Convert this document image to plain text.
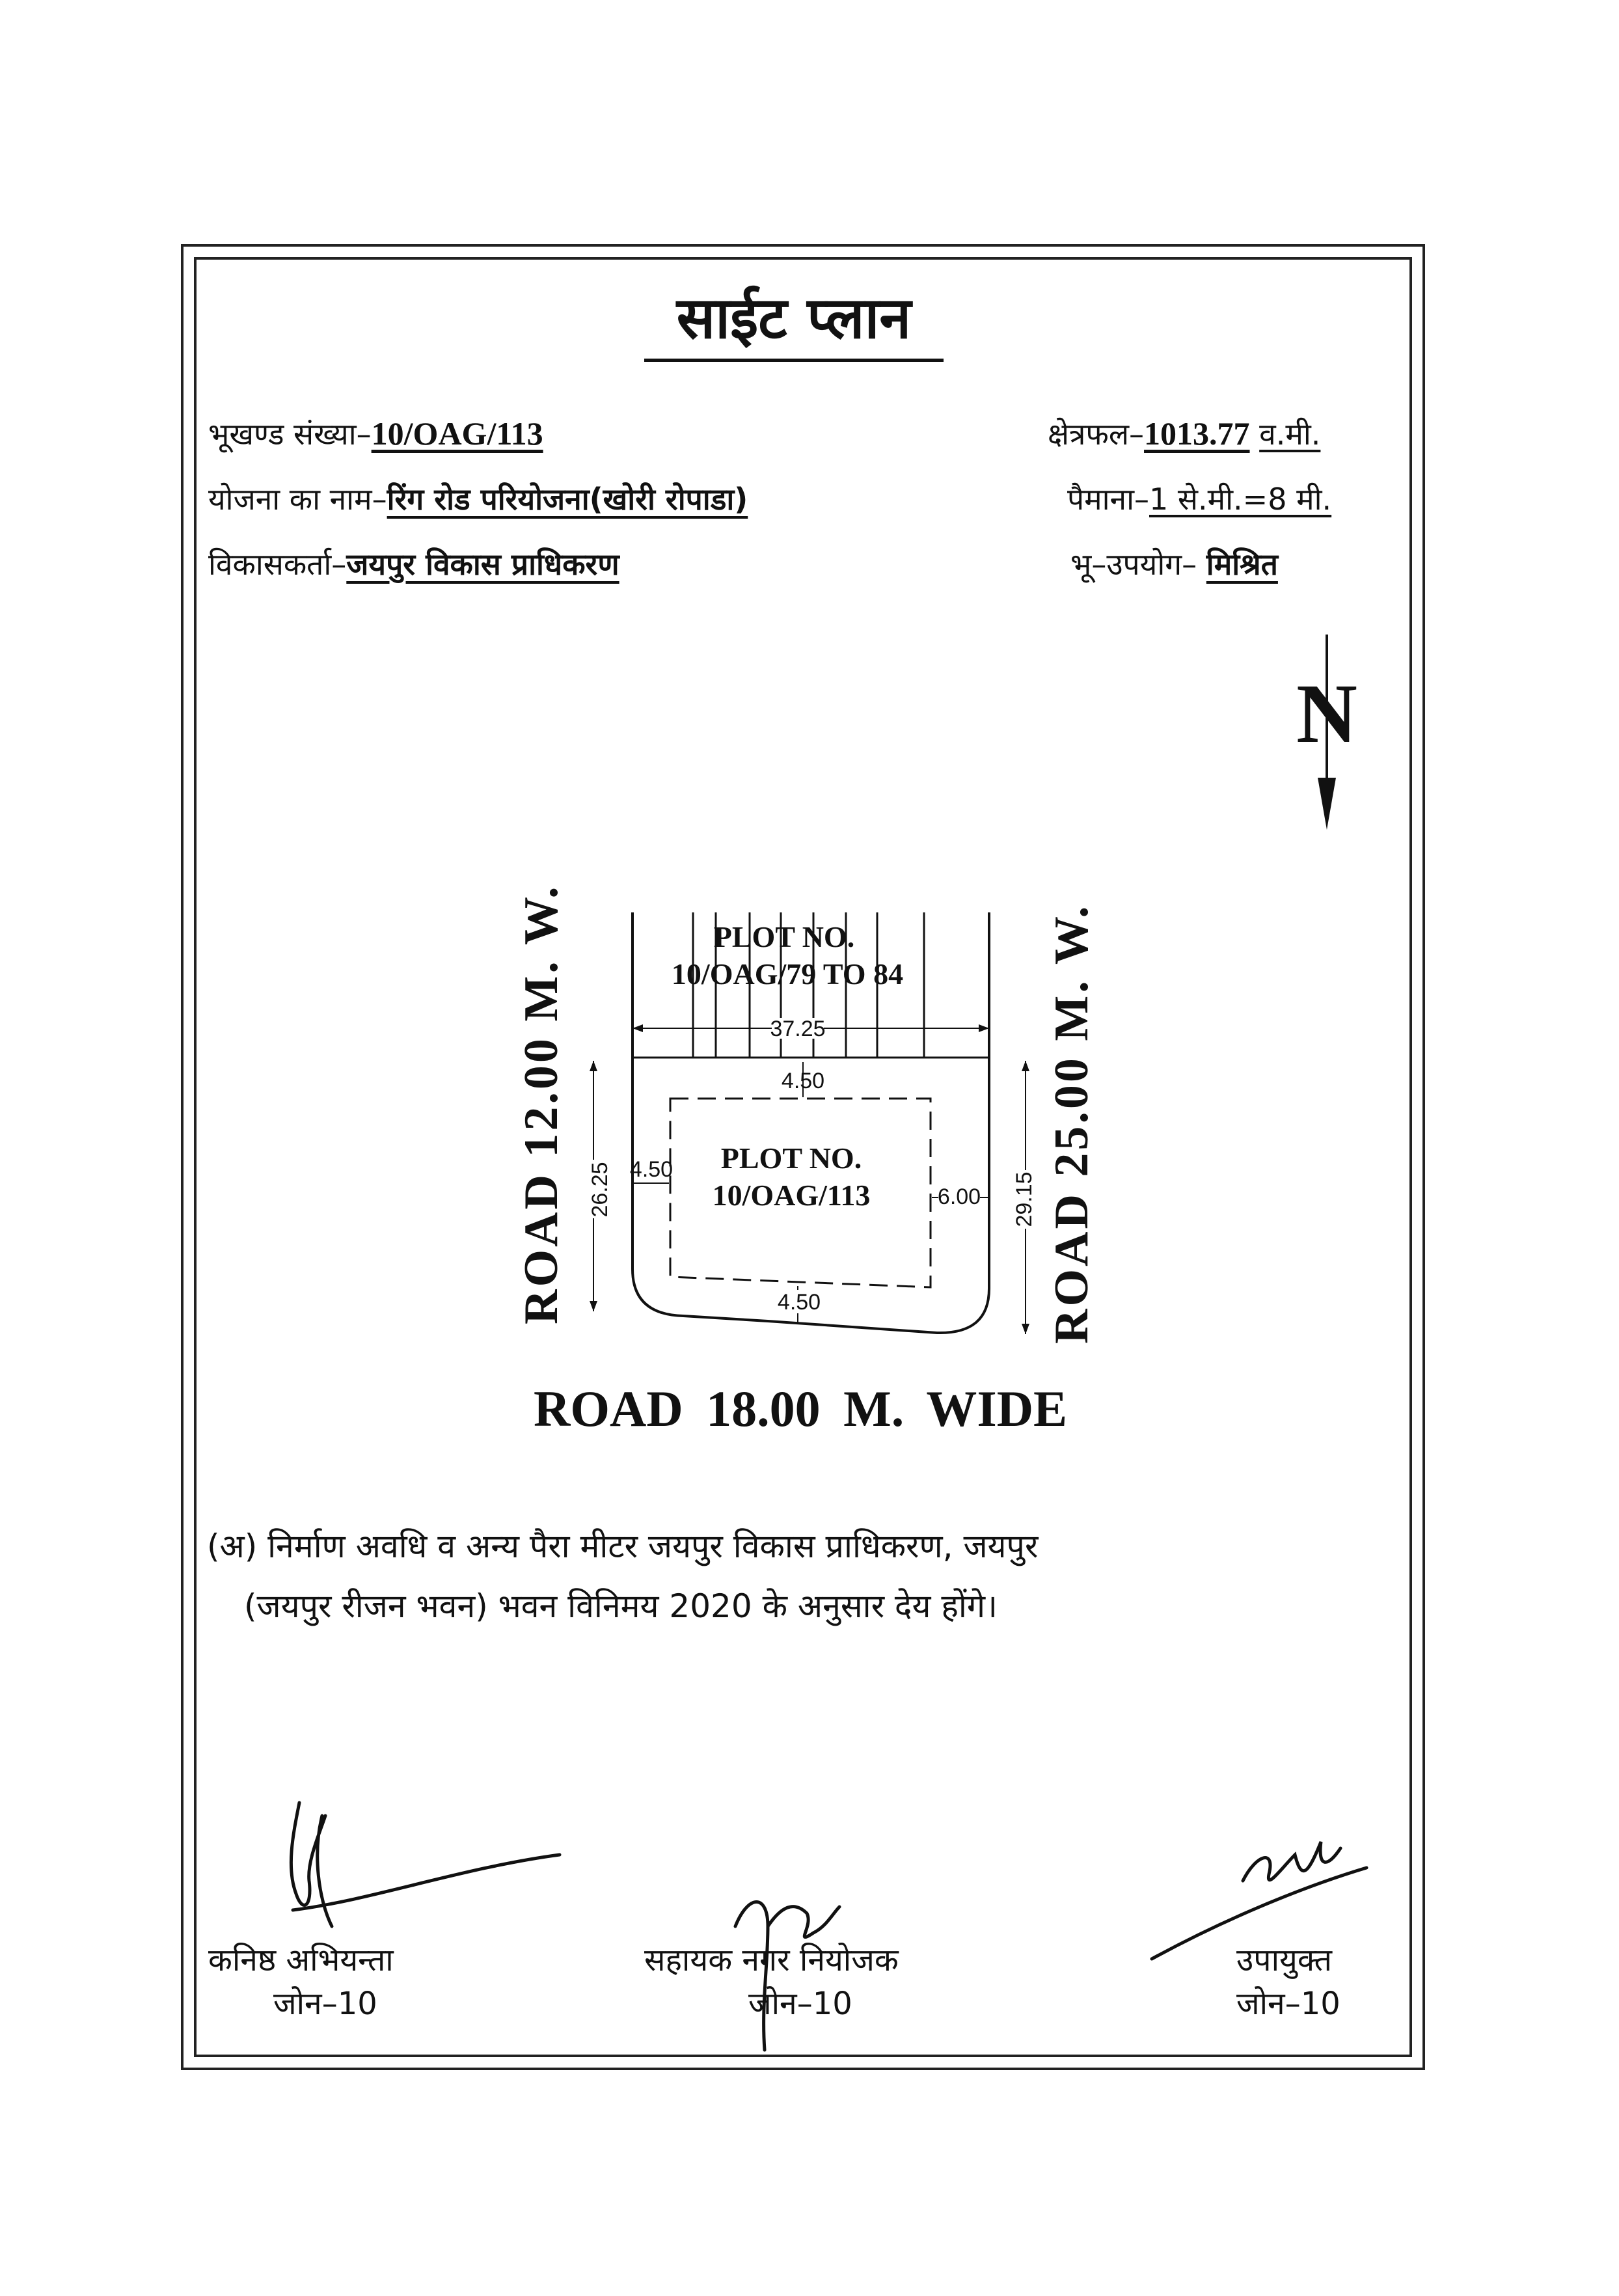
साईट प्लान
भूखण्ड संख्या–10/OAG/113
योजना का नाम–रिंग रोड परियोजना(खोरी रोपाडा)
विकासकर्ता–जयपुर विकास प्राधिकरण
क्षेत्रफल–1013.77 व.मी.
पैमाना–1 से.मी.=8 मी.
भू–उपयोग– मिश्रित
N
ROAD 12.00 M. W.	ROAD 25.00 M. W.
PLOT NO.
10/OAG/79 TO 84
37.25
4.50
4.50
6.00
4.50
PLOT NO.
10/OAG/113
26.25	29.15
ROAD 18.00 M. WIDE
(अ) निर्माण अवधि व अन्य पैरा मीटर जयपुर विकास प्राधिकरण, जयपुर
(जयपुर रीजन भवन) भवन विनिमय 2020 के अनुसार देय होंगे।
कनिष्ठ अभियन्ता
जोन–10
सहायक नगर नियोजक
जोन–10
उपायुक्त
जोन–10
